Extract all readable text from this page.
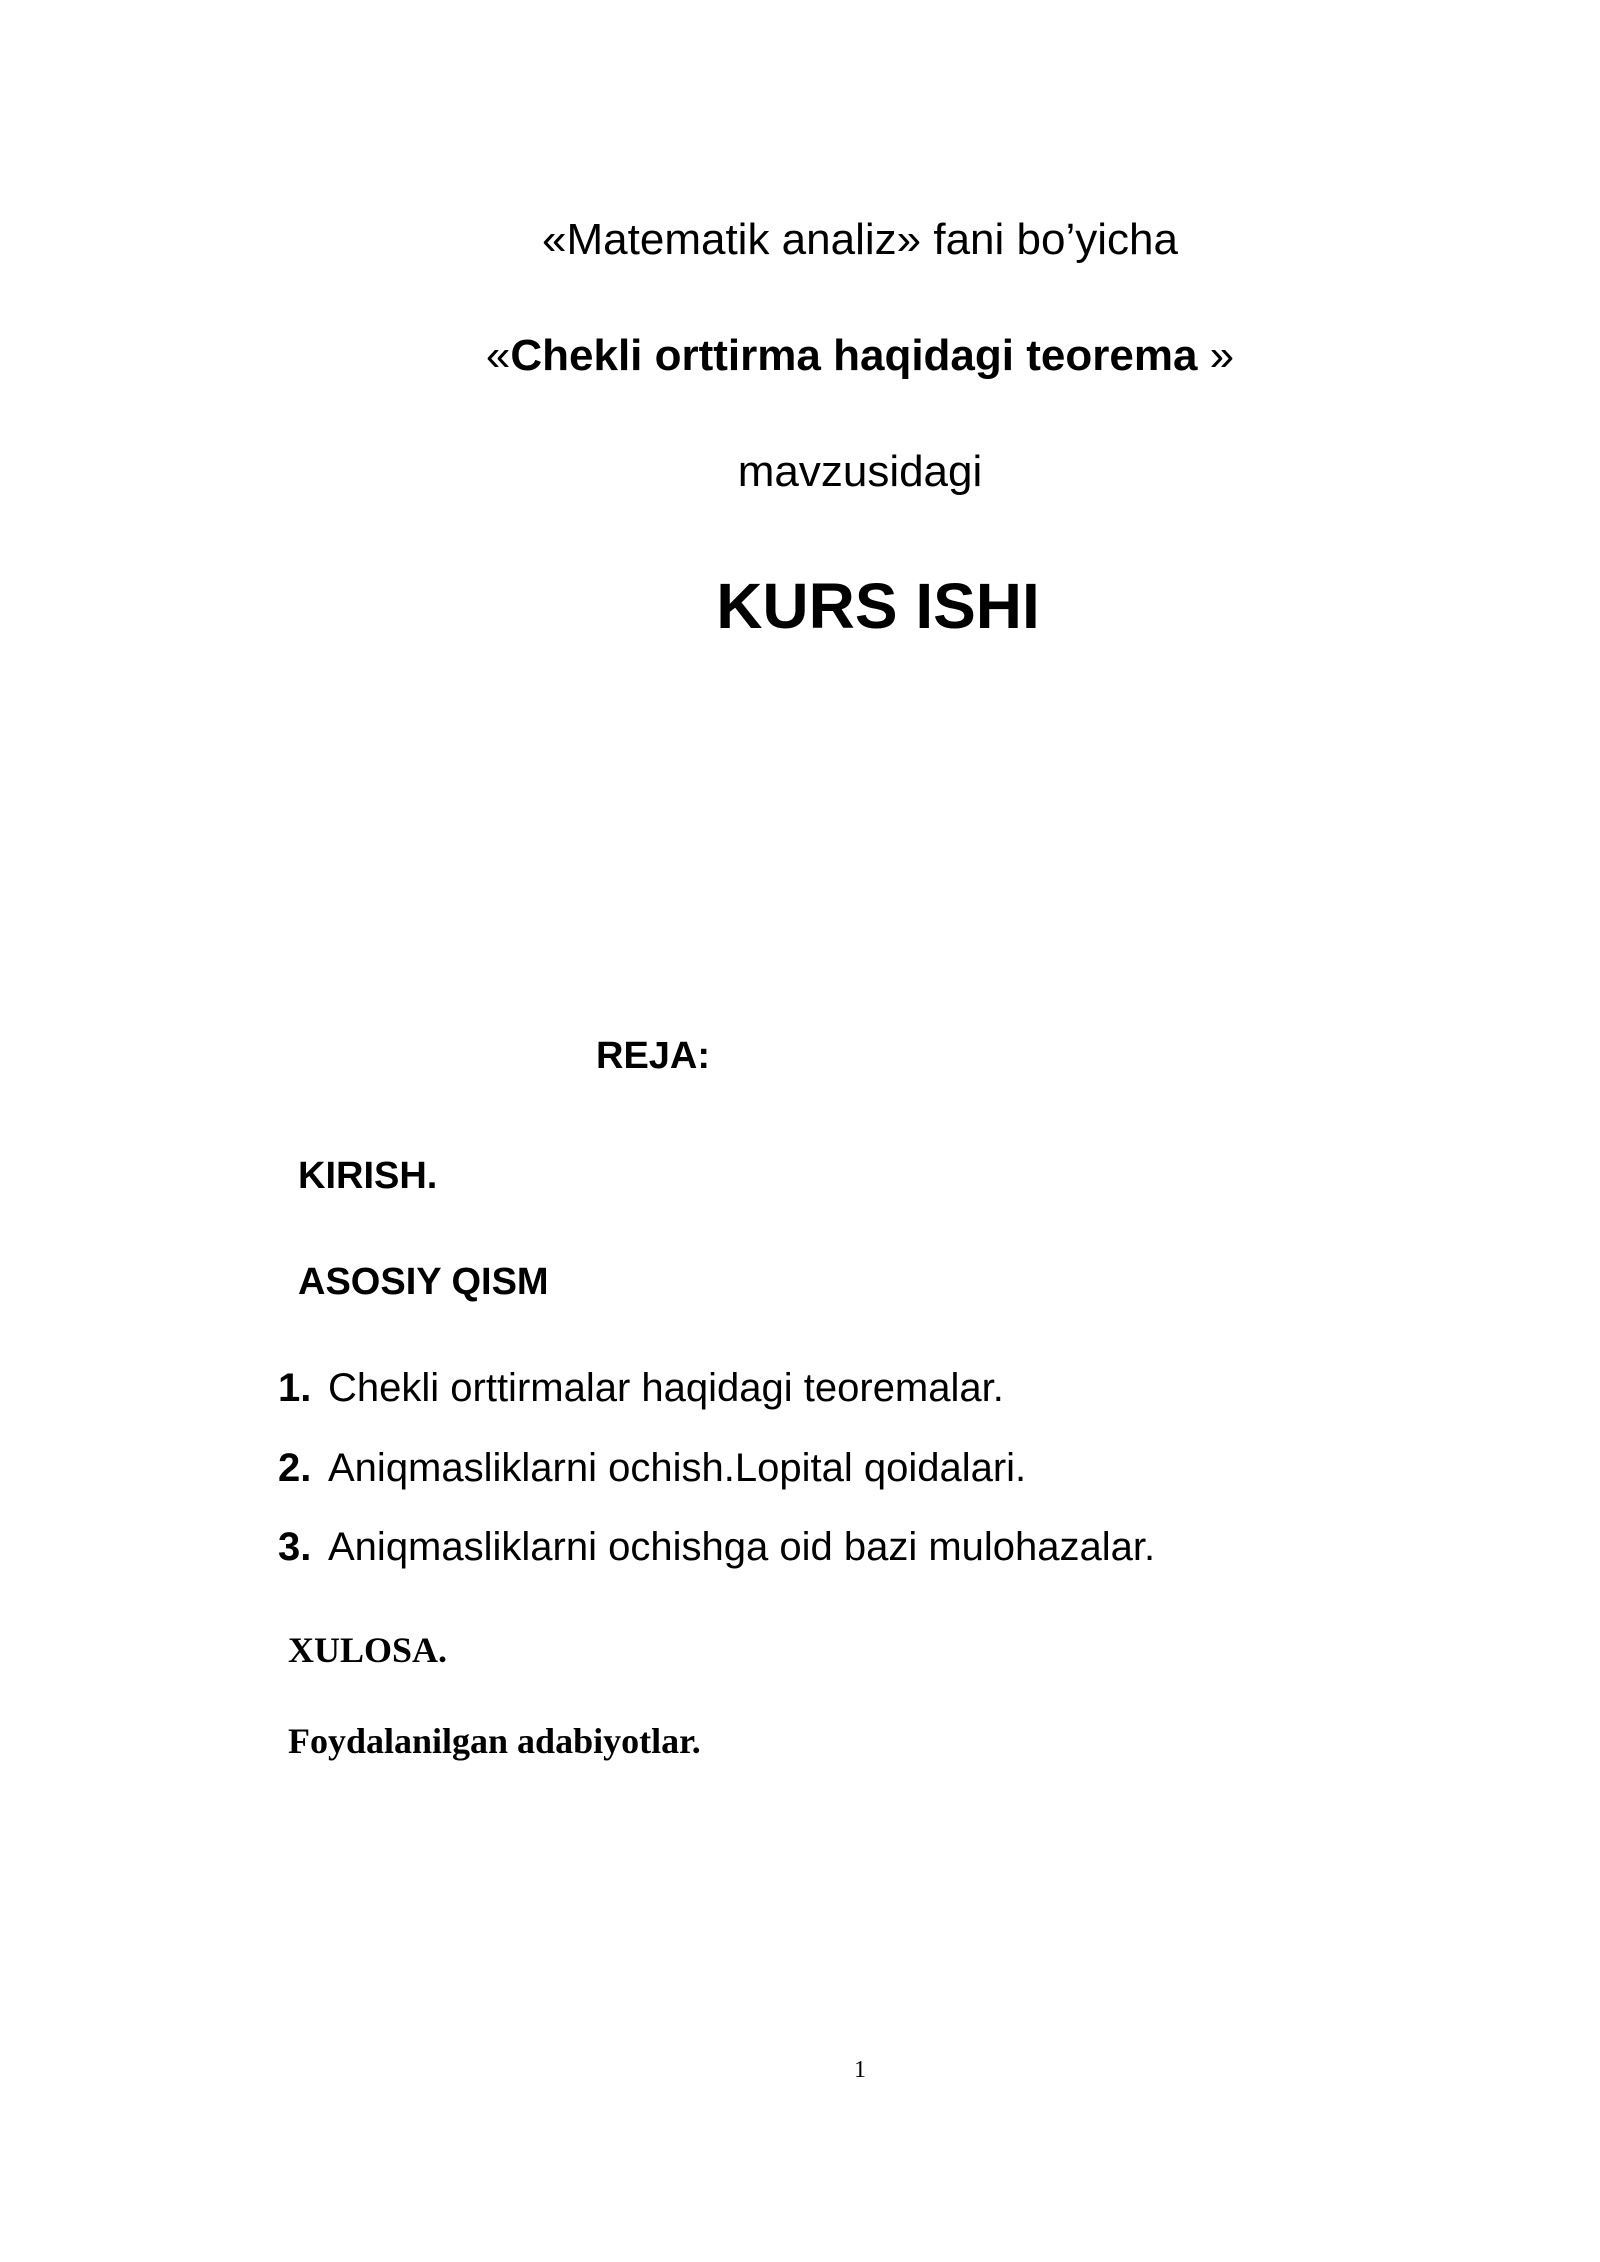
«Matematik analiz» fani bo’yicha
«Chekli orttirma haqidagi teorema »
mavzusidagi
KURS ISHI
REJA:
KIRISH.
ASOSIY QISM
1. Chekli orttirmalar haqidagi teoremalar.
2. Aniqmasliklarni ochish.Lopital qoidalari.
3. Aniqmasliklarni ochishga oid bazi mulohazalar.
XULOSA.
Foydalanilgan adabiyotlar.
1
